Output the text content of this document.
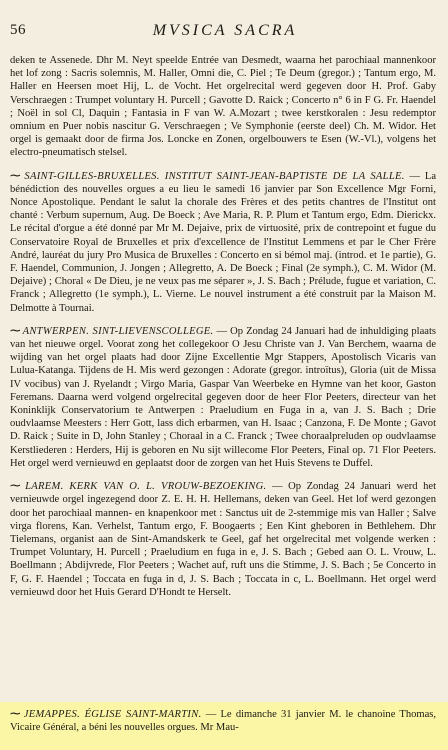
56	MVSICA SACRA

deken te Assenede. Dhr M. Neyt speelde Entrée van Desmedt, waarna het parochiaal mannenkoor het lof zong : Sacris solemnis, M. Haller, Omni die, C. Piel ; Te Deum (gregor.) ; Tantum ergo, M. Haller en Heersen moet Hij, L. de Vocht. Het orgelrecital werd gegeven door H. Prof. Gaby Verschraegen : Trumpet voluntary H. Purcell ; Gavotte D. Raick ; Concerto n° 6 in F G. Fr. Haendel ; Noël in sol Cl, Daquin ; Fantasia in F van W. A.Mozart ; twee kerstkoralen : Jesu redemptor omnium en Puer nobis nascitur G. Verschraegen ; Ve Symphonie (eerste deel) Ch. M. Widor. Het orgel is gemaakt door de firma Jos. Loncke en Zonen, orgelbouwers te Esen (W.-Vl.), volgens het electro-pneumatisch stelsel.

⁓ SAINT-GILLES-BRUXELLES. INSTITUT SAINT-JEAN-BAPTISTE DE LA SALLE. — La bénédiction des nouvelles orgues a eu lieu le samedi 16 janvier par Son Excellence Mgr Forni, Nonce Apostolique. Pendant le salut la chorale des Frères et des petits chantres de l'Institut ont chanté : Verbum supernum, Aug. De Boeck ; Ave Maria, R. P. Plum et Tantum ergo, Edm. Dierickx. Le récital d'orgue a été donné par Mr M. Dejaive, prix de virtuosité, prix de contrepoint et fugue du Conservatoire Royal de Bruxelles et prix d'excellence de l'Institut Lemmens et par le Cher Frère André, lauréat du jury Pro Musica de Bruxelles : Concerto en si bémol maj. (introd. et 1e partie), G. F. Haendel, Communion, J. Jongen ; Allegretto, A. De Boeck ; Final (2e symph.), C. M. Widor (M. Dejaive) ; Choral « De Dieu, je ne veux pas me séparer », J. S. Bach ; Prélude, fugue et variation, C. Franck ; Allegretto (1e symph.), L. Vierne. Le nouvel instrument a été construit par la Maison M. Delmotte à Tournai.

⁓ ANTWERPEN. SINT-LIEVENSCOLLEGE. — Op Zondag 24 Januari had de inhuldiging plaats van het nieuwe orgel. Voorat zong het collegekoor O Jesu Christe van J. Van Berchem, waarna de wijding van het orgel plaats had door Zijne Excellentie Mgr Stappers, Apostolisch Vicaris van Lulua-Katanga. Tijdens de H. Mis werd gezongen : Adorate (gregor. introïtus), Gloria (uit de Missa IV vocibus) van J. Ryelandt ; Virgo Maria, Gaspar Van Weerbeke en Hymne van het koor, Gaston Feremans. Daarna werd volgend orgelrecital gegeven door de heer Flor Peeters, directeur van het Koninklijk Conservatorium te Antwerpen : Praeludium en Fuga in a, van J. S. Bach ; Drie oudvlaamse Meesters : Herr Gott, lass dich erbarmen, van H. Isaac ; Canzona, F. De Monte ; Gavot D. Raick ; Suite in D, John Stanley ; Choraal in a C. Franck ; Twee choraalpreluden op oudvlaamse Kerstliederen : Herders, Hij is geboren en Nu sijt willecome Flor Peeters, Final op. 71 Flor Peeters. Het orgel werd vernieuwd en geplaatst door de zorgen van het Huis Stevens te Duffel.

⁓ LAREM. KERK VAN O. L. VROUW-BEZOEKING. — Op Zondag 24 Januari werd het vernieuwde orgel ingezegend door Z. E. H. H. Hellemans, deken van Geel. Het lof werd gezongen door het parochiaal mannen- en knapenkoor met : Sanctus uit de 2-stemmige mis van Haller ; Salve virga florens, Kan. Verhelst, Tantum ergo, F. Boogaerts ; Een Kint gheboren in Bethlehem. Dhr Tielemans, organist aan de Sint-Amandskerk te Geel, gaf het orgelrecital met volgende werken : Trumpet Voluntary, H. Purcell ; Praeludium en fuga in e, J. S. Bach ; Gebed aan O. L. Vrouw, L. Boellmann ; Abdijvrede, Flor Peeters ; Wachet auf, ruft uns die Stimme, J. S. Bach ; 5e Concerto in F, G. F. Haendel ; Toccata en fuga in d, J. S. Bach ; Toccata in c, L. Boellmann. Het orgel werd vernieuwd door het Huis Gerard D'Hondt te Herselt.

⁓ JEMAPPES. ÉGLISE SAINT-MARTIN. — Le dimanche 31 janvier M. le chanoine Thomas, Vicaire Général, a béni les nouvelles orgues. Mr Mau-
